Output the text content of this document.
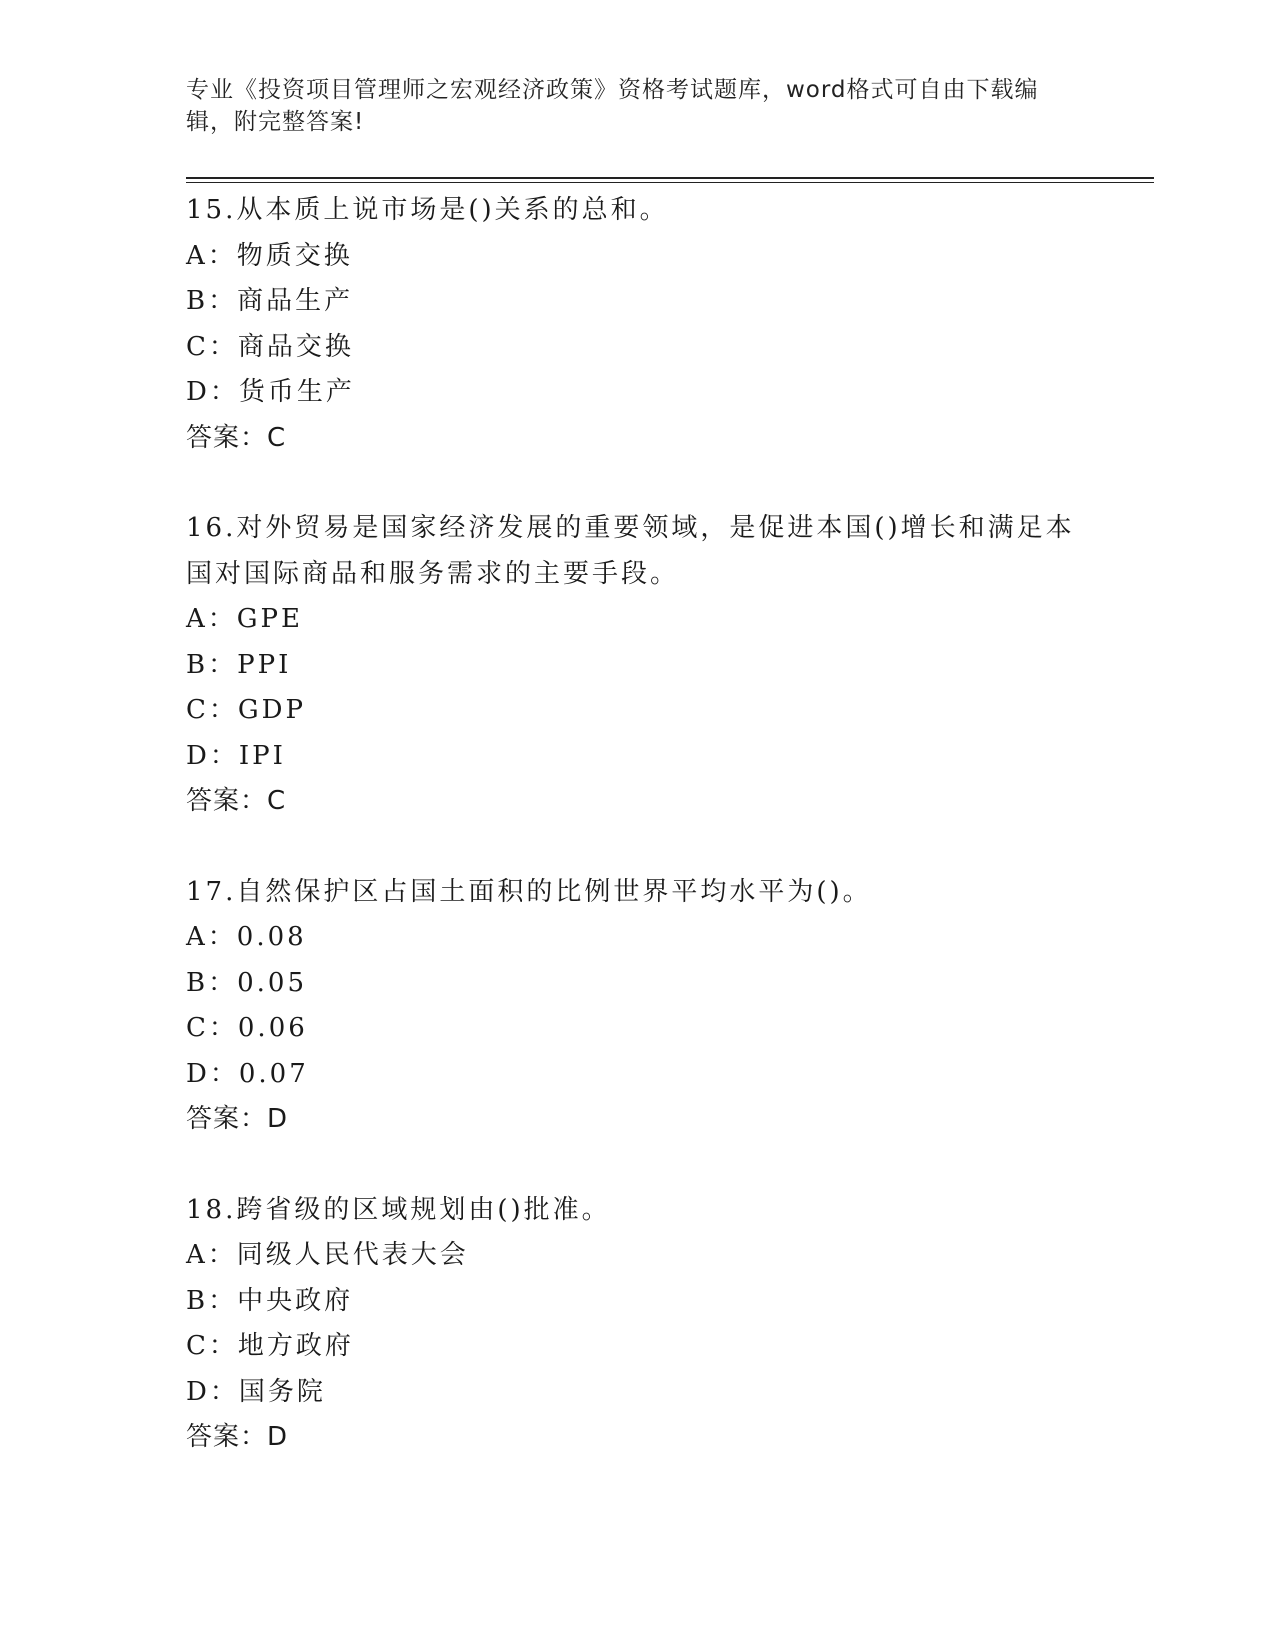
专业《投资项目管理师之宏观经济政策》资格考试题库，word格式可自由下载编辑，附完整答案!
15.从本质上说市场是()关系的总和。
A：物质交换
B：商品生产
C：商品交换
D：货币生产
答案：C
16.对外贸易是国家经济发展的重要领域，是促进本国()增长和满足本国对国际商品和服务需求的主要手段。
A：GPE
B：PPI
C：GDP
D：IPI
答案：C
17.自然保护区占国土面积的比例世界平均水平为()。
A：0.08
B：0.05
C：0.06
D：0.07
答案：D
18.跨省级的区域规划由()批准。
A：同级人民代表大会
B：中央政府
C：地方政府
D：国务院
答案：D
